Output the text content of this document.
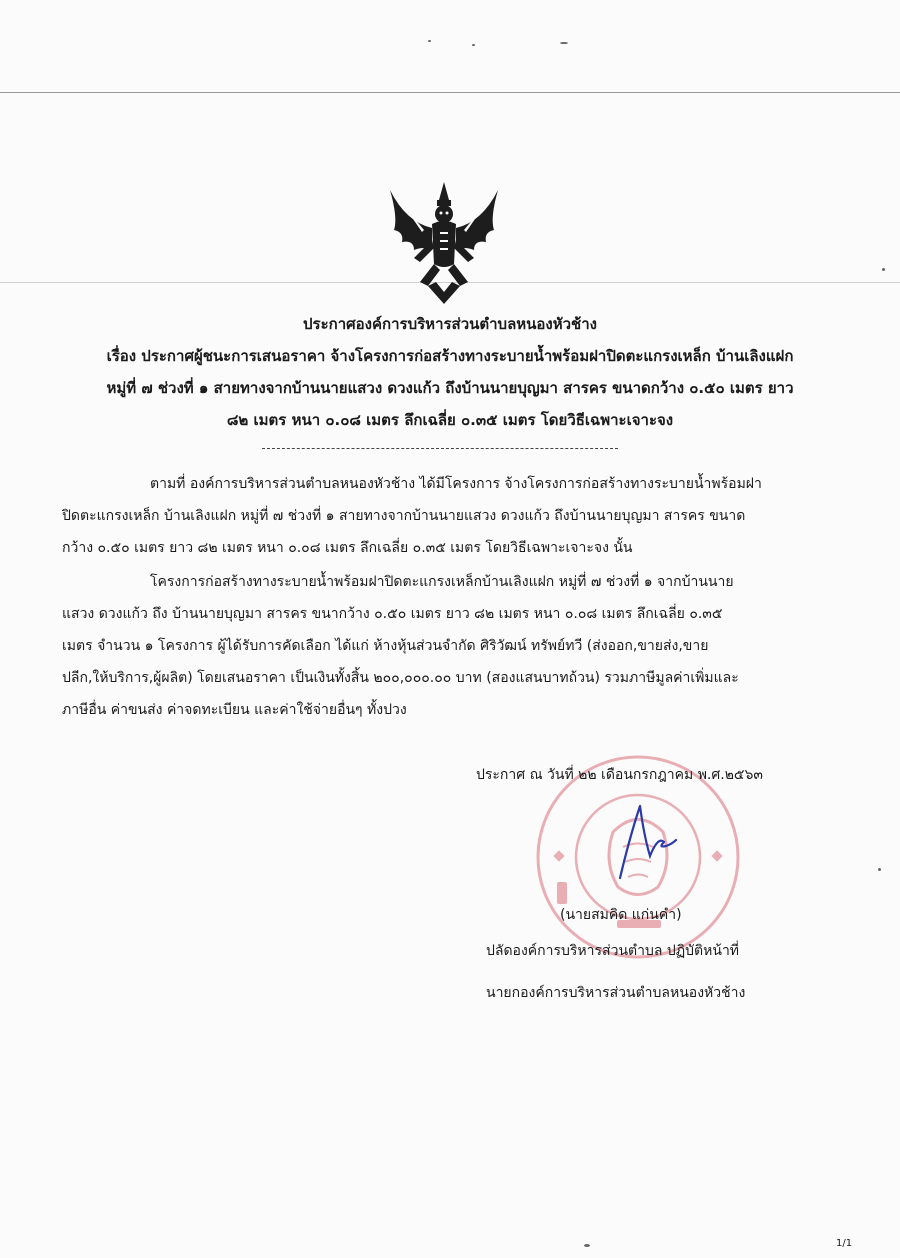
ประกาศองค์การบริหารส่วนตำบลหนองหัวช้าง
เรื่อง ประกาศผู้ชนะการเสนอราคา จ้างโครงการก่อสร้างทางระบายน้ำพร้อมฝาปิดตะแกรงเหล็ก บ้านเลิงแฝก
หมู่ที่ ๗ ช่วงที่ ๑ สายทางจากบ้านนายแสวง ดวงแก้ว ถึงบ้านนายบุญมา สารคร ขนาดกว้าง ๐.๕๐ เมตร ยาว
๘๒ เมตร หนา ๐.๐๘ เมตร ลึกเฉลี่ย ๐.๓๕ เมตร โดยวิธีเฉพาะเจาะจง
ตามที่ องค์การบริหารส่วนตำบลหนองหัวช้าง ได้มีโครงการ จ้างโครงการก่อสร้างทางระบายน้ำพร้อมฝา
ปิดตะแกรงเหล็ก บ้านเลิงแฝก หมู่ที่ ๗ ช่วงที่ ๑ สายทางจากบ้านนายแสวง ดวงแก้ว ถึงบ้านนายบุญมา สารคร ขนาด
กว้าง ๐.๕๐ เมตร ยาว ๘๒ เมตร หนา ๐.๐๘ เมตร ลึกเฉลี่ย ๐.๓๕ เมตร โดยวิธีเฉพาะเจาะจง นั้น
โครงการก่อสร้างทางระบายน้ำพร้อมฝาปิดตะแกรงเหล็กบ้านเลิงแฝก หมู่ที่ ๗ ช่วงที่ ๑ จากบ้านนาย
แสวง ดวงแก้ว ถึง บ้านนายบุญมา สารคร ขนากว้าง ๐.๕๐ เมตร ยาว ๘๒ เมตร หนา ๐.๐๘ เมตร ลึกเฉลี่ย ๐.๓๕
เมตร จำนวน ๑ โครงการ ผู้ได้รับการคัดเลือก ได้แก่ ห้างหุ้นส่วนจำกัด ศิริวัฒน์ ทรัพย์ทวี (ส่งออก,ขายส่ง,ขาย
ปลีก,ให้บริการ,ผู้ผลิต) โดยเสนอราคา เป็นเงินทั้งสิ้น ๒๐๐,๐๐๐.๐๐ บาท (สองแสนบาทถ้วน) รวมภาษีมูลค่าเพิ่มและ
ภาษีอื่น ค่าขนส่ง ค่าจดทะเบียน และค่าใช้จ่ายอื่นๆ ทั้งปวง
ประกาศ ณ วันที่ ๒๒ เดือนกรกฎาคม พ.ศ.๒๕๖๓
(นายสมคิด แก่นคำ)
ปลัดองค์การบริหารส่วนตำบล ปฏิบัติหน้าที่
นายกองค์การบริหารส่วนตำบลหนองหัวช้าง
1/1
